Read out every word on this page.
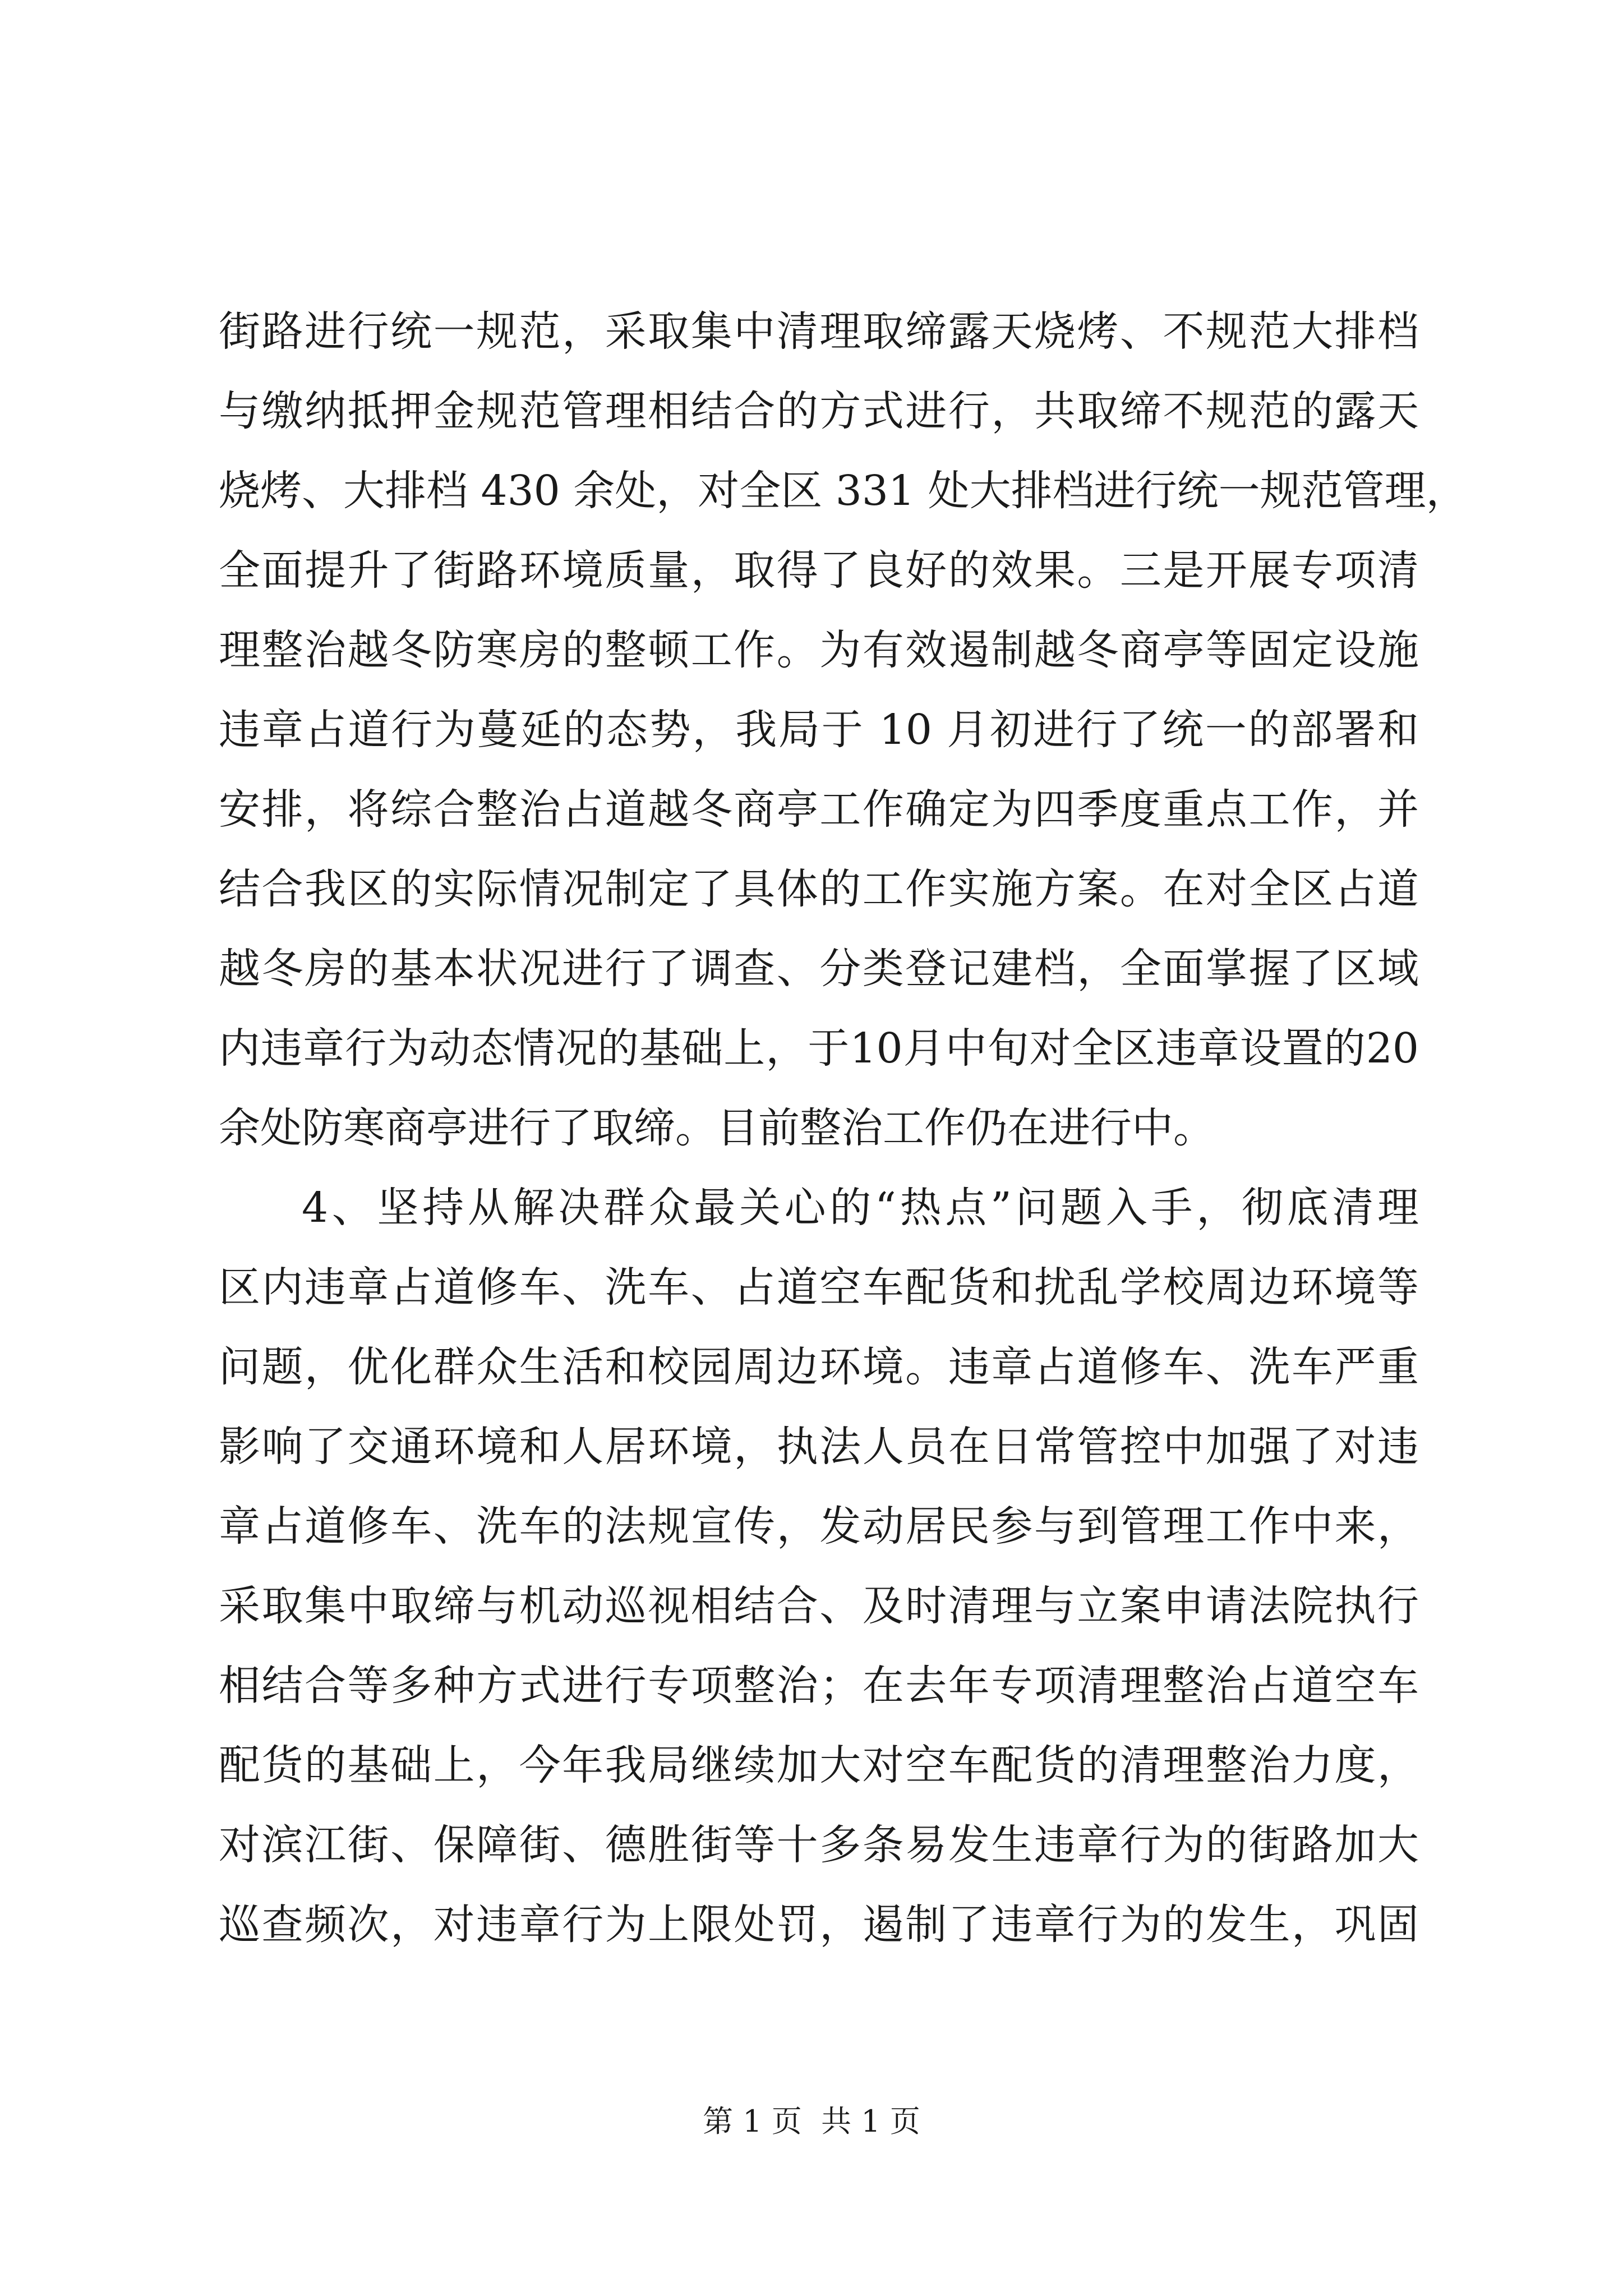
街路进行统一规范，采取集中清理取缔露天烧烤、不规范大排档
与缴纳抵押金规范管理相结合的方式进行，共取缔不规范的露天
烧烤、大排档 430 余处，对全区 331 处大排档进行统一规范管理，
全面提升了街路环境质量，取得了良好的效果。三是开展专项清
理整治越冬防寒房的整顿工作。为有效遏制越冬商亭等固定设施
违章占道行为蔓延的态势，我局于 10 月初进行了统一的部署和
安排，将综合整治占道越冬商亭工作确定为四季度重点工作，并
结合我区的实际情况制定了具体的工作实施方案。在对全区占道
越冬房的基本状况进行了调查、分类登记建档，全面掌握了区域
内违章行为动态情况的基础上，于10月中旬对全区违章设置的20
余处防寒商亭进行了取缔。目前整治工作仍在进行中。
4、坚持从解决群众最关心的“热点”问题入手，彻底清理
区内违章占道修车、洗车、占道空车配货和扰乱学校周边环境等
问题，优化群众生活和校园周边环境。违章占道修车、洗车严重
影响了交通环境和人居环境，执法人员在日常管控中加强了对违
章占道修车、洗车的法规宣传，发动居民参与到管理工作中来，
采取集中取缔与机动巡视相结合、及时清理与立案申请法院执行
相结合等多种方式进行专项整治；在去年专项清理整治占道空车
配货的基础上，今年我局继续加大对空车配货的清理整治力度，
对滨江街、保障街、德胜街等十多条易发生违章行为的街路加大
巡查频次，对违章行为上限处罚，遏制了违章行为的发生，巩固
第 1 页  共 1 页
